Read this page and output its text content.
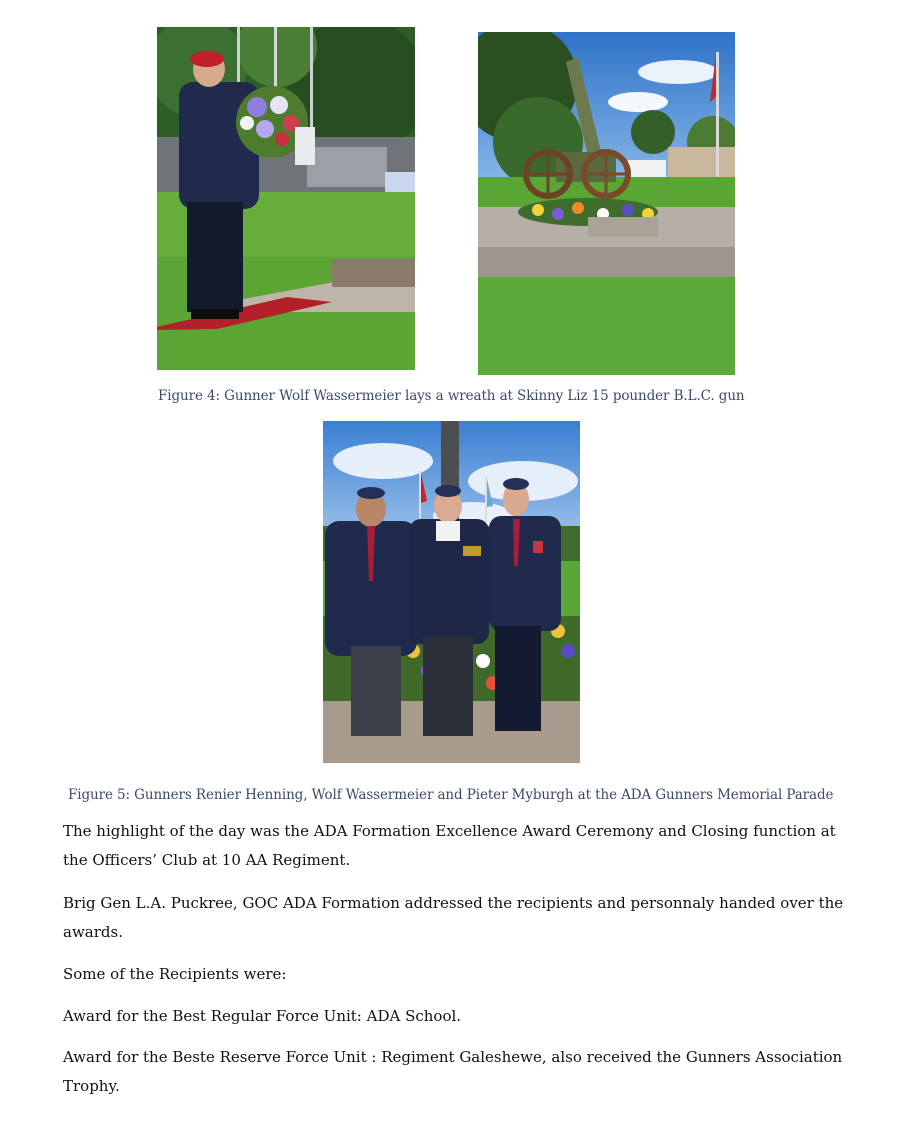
Figure 4: Gunner Wolf Wassermeier lays a wreath at Skinny Liz 15 pounder B.L.C. gun
Figure 5: Gunners Renier Henning, Wolf Wassermeier and Pieter Myburgh at the ADA Gunners Memorial Parade

The highlight of the day was the ADA Formation Excellence Award Ceremony and Closing function at the Officers’ Club at 10 AA Regiment.

Brig Gen L.A. Puckree, GOC ADA Formation addressed the recipients and personnaly handed over the awards.

Some of the Recipients were:

Award for the Best Regular Force Unit: ADA School.

Award for the Beste Reserve Force Unit : Regiment Galeshewe, also received the Gunners Association Trophy.
